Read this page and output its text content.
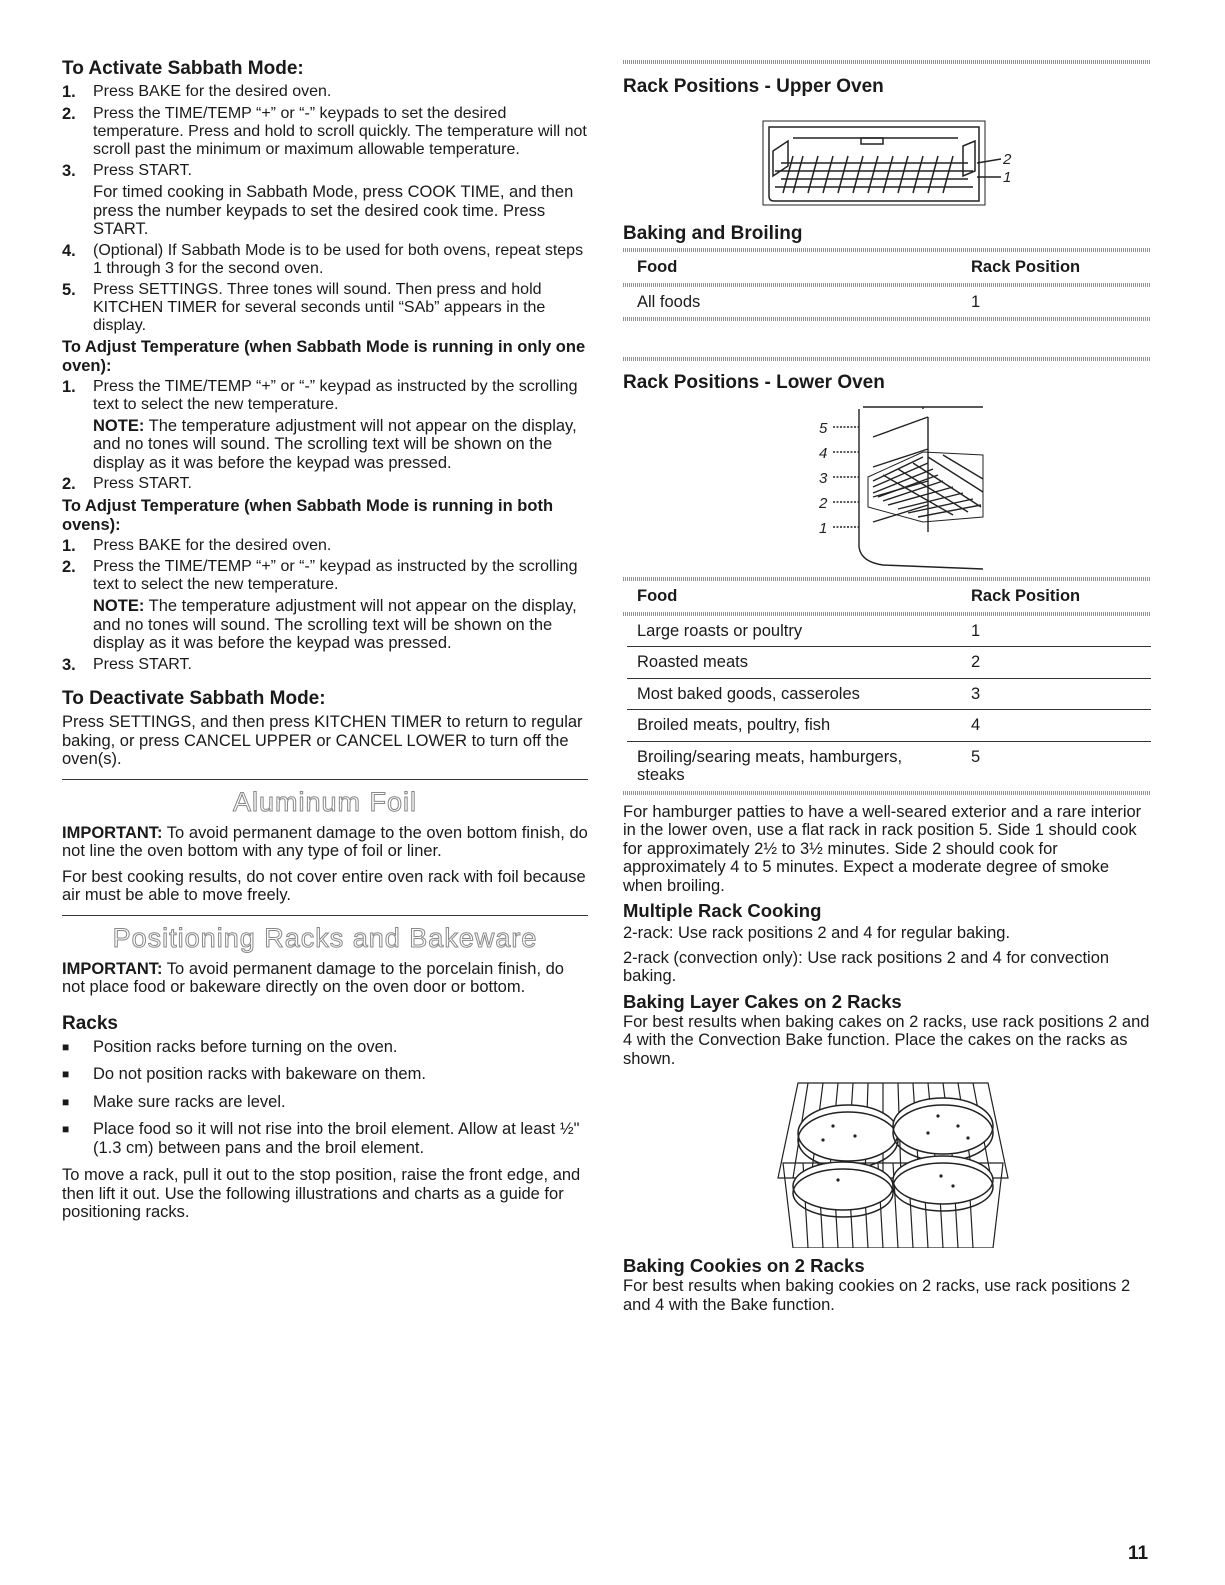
To Activate Sabbath Mode:
1.	Press BAKE for the desired oven.
2.	Press the TIME/TEMP “+” or “-” keypads to set the desired temperature. Press and hold to scroll quickly. The temperature will not scroll past the minimum or maximum allowable temperature.
3.	Press START.
For timed cooking in Sabbath Mode, press COOK TIME, and then press the number keypads to set the desired cook time. Press START.
4.	(Optional) If Sabbath Mode is to be used for both ovens, repeat steps 1 through 3 for the second oven.
5.	Press SETTINGS. Three tones will sound. Then press and hold KITCHEN TIMER for several seconds until “SAb” appears in the display.
To Adjust Temperature (when Sabbath Mode is running in only one oven):
1.	Press the TIME/TEMP “+” or “-” keypad as instructed by the scrolling text to select the new temperature.
NOTE: The temperature adjustment will not appear on the display, and no tones will sound. The scrolling text will be shown on the display as it was before the keypad was pressed.
2.	Press START.
To Adjust Temperature (when Sabbath Mode is running in both ovens):
1.	Press BAKE for the desired oven.
2.	Press the TIME/TEMP “+” or “-” keypad as instructed by the scrolling text to select the new temperature.
NOTE: The temperature adjustment will not appear on the display, and no tones will sound. The scrolling text will be shown on the display as it was before the keypad was pressed.
3.	Press START.
To Deactivate Sabbath Mode:

Press SETTINGS, and then press KITCHEN TIMER to return to regular baking, or press CANCEL UPPER or CANCEL LOWER to turn off the oven(s).

Aluminum Foil

IMPORTANT: To avoid permanent damage to the oven bottom finish, do not line the oven bottom with any type of foil or liner.

For best cooking results, do not cover entire oven rack with foil because air must be able to move freely.

Positioning Racks and Bakeware

IMPORTANT: To avoid permanent damage to the porcelain finish, do not place food or bakeware directly on the oven door or bottom.

Racks
■	Position racks before turning on the oven.
■	Do not position racks with bakeware on them.
■	Make sure racks are level.
■	Place food so it will not rise into the broil element. Allow at least ½" (1.3 cm) between pans and the broil element.

To move a rack, pull it out to the stop position, raise the front edge, and then lift it out. Use the following illustrations and charts as a guide for positioning racks.

Rack Positions - Upper Oven
2
1
Baking and Broiling
Food	Rack Position
All foods	1
Rack Positions - Lower Oven
5
4
3
2
1
Food	Rack Position
Large roasts or poultry	1
Roasted meats	2
Most baked goods, casseroles	3
Broiled meats, poultry, fish	4
Broiling/searing meats, hamburgers, steaks	5

For hamburger patties to have a well-seared exterior and a rare interior in the lower oven, use a flat rack in rack position 5. Side 1 should cook for approximately 2½ to 3½ minutes. Side 2 should cook for approximately 4 to 5 minutes. Expect a moderate degree of smoke when broiling.

Multiple Rack Cooking

2-rack: Use rack positions 2 and 4 for regular baking.

2-rack (convection only): Use rack positions 2 and 4 for convection baking.

Baking Layer Cakes on 2 Racks

For best results when baking cakes on 2 racks, use rack positions 2 and 4 with the Convection Bake function. Place the cakes on the racks as shown.

Baking Cookies on 2 Racks

For best results when baking cookies on 2 racks, use rack positions 2 and 4 with the Bake function.

11
